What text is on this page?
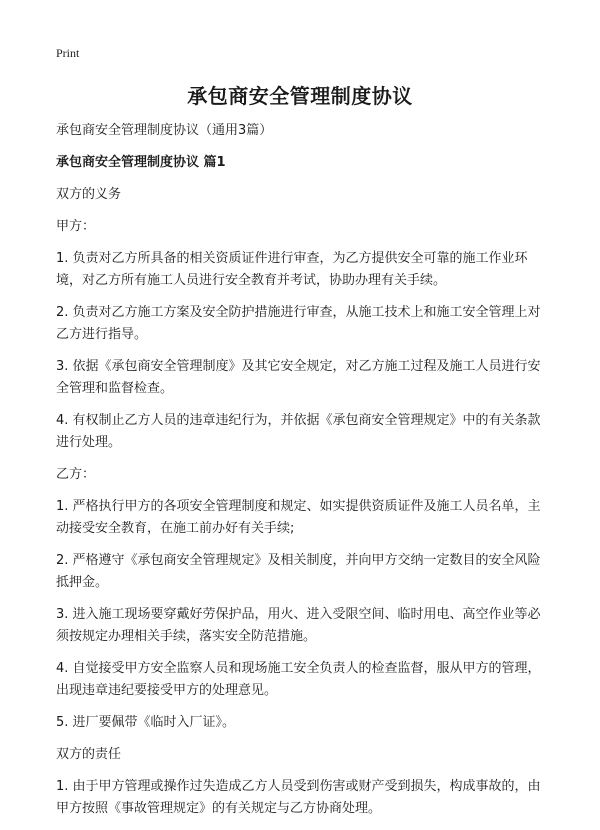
Print
承包商安全管理制度协议

承包商安全管理制度协议（通用3篇）

承包商安全管理制度协议 篇1

双方的义务

甲方：

1. 负责对乙方所具备的相关资质证件进行审查，为乙方提供安全可靠的施工作业环境，对乙方所有施工人员进行安全教育并考试，协助办理有关手续。

2. 负责对乙方施工方案及安全防护措施进行审查，从施工技术上和施工安全管理上对乙方进行指导。

3. 依据《承包商安全管理制度》及其它安全规定，对乙方施工过程及施工人员进行安全管理和监督检查。

4. 有权制止乙方人员的违章违纪行为，并依据《承包商安全管理规定》中的有关条款进行处理。

乙方：

1. 严格执行甲方的各项安全管理制度和规定、如实提供资质证件及施工人员名单，主动接受安全教育，在施工前办好有关手续;

2. 严格遵守《承包商安全管理规定》及相关制度，并向甲方交纳一定数目的安全风险抵押金。

3. 进入施工现场要穿戴好劳保护品，用火、进入受限空间、临时用电、高空作业等必须按规定办理相关手续，落实安全防范措施。

4. 自觉接受甲方安全监察人员和现场施工安全负责人的检查监督，服从甲方的管理，出现违章违纪要接受甲方的处理意见。

5. 进厂要佩带《临时入厂证》。

双方的责任

1. 由于甲方管理或操作过失造成乙方人员受到伤害或财产受到损失，构成事故的，由甲方按照《事故管理规定》的有关规定与乙方协商处理。
